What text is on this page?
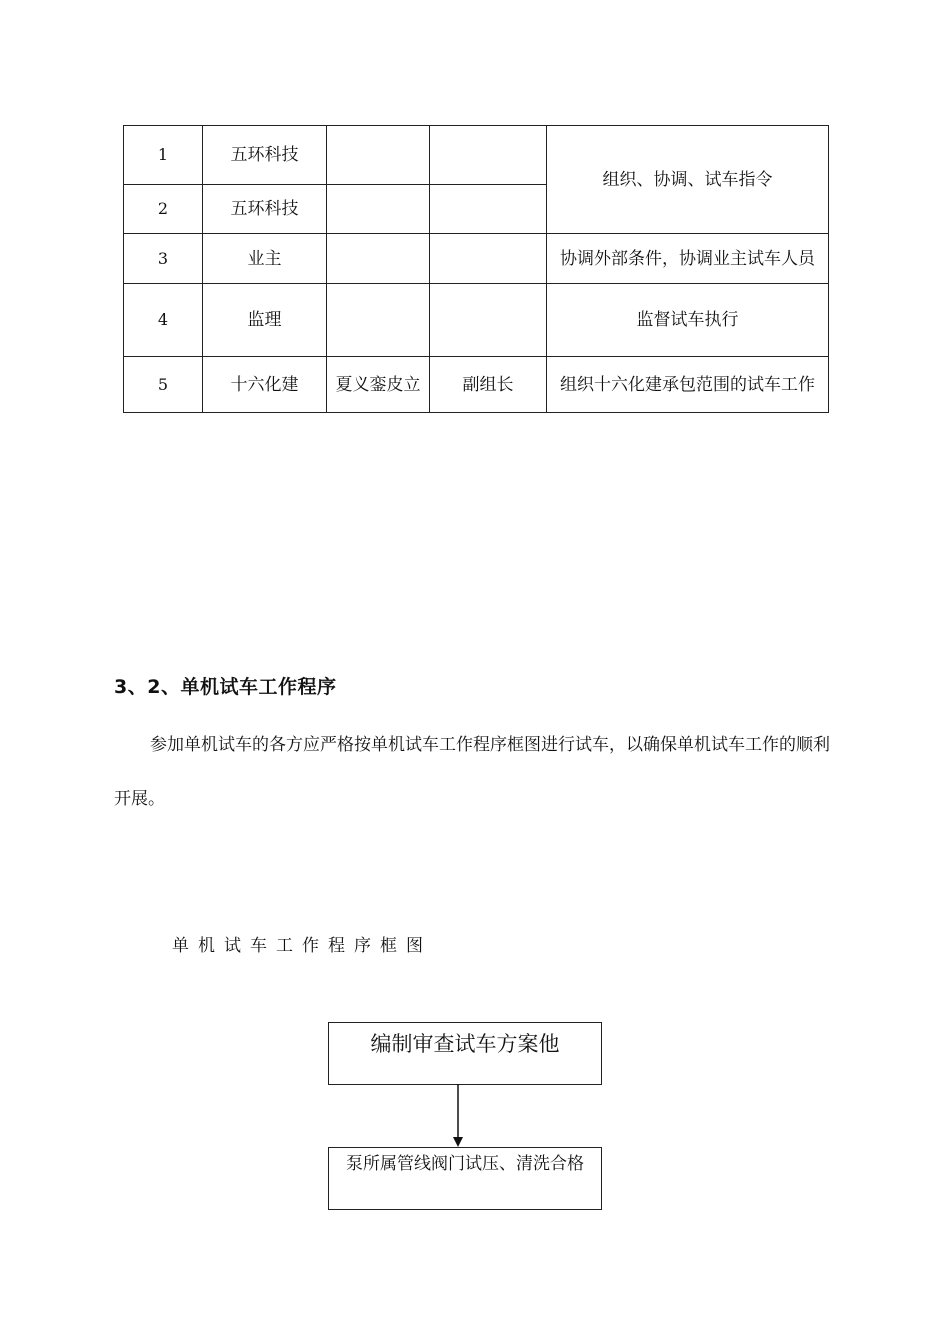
1	五环科技			组织、协调、试车指令
2	五环科技			
3	业主			协调外部条件，协调业主试车人员
4	监理			监督试车执行
5	十六化建	夏义銮皮立	副组长	组织十六化建承包范围的试车工作
3、2、单机试车工作程序
参加单机试车的各方应严格按单机试车工作程序框图进行试车，以确保单机试车工作的顺利开展。
单机试车工作程序框图
编制审查试车方案他
泵所属管线阀门试压、清洗合格
